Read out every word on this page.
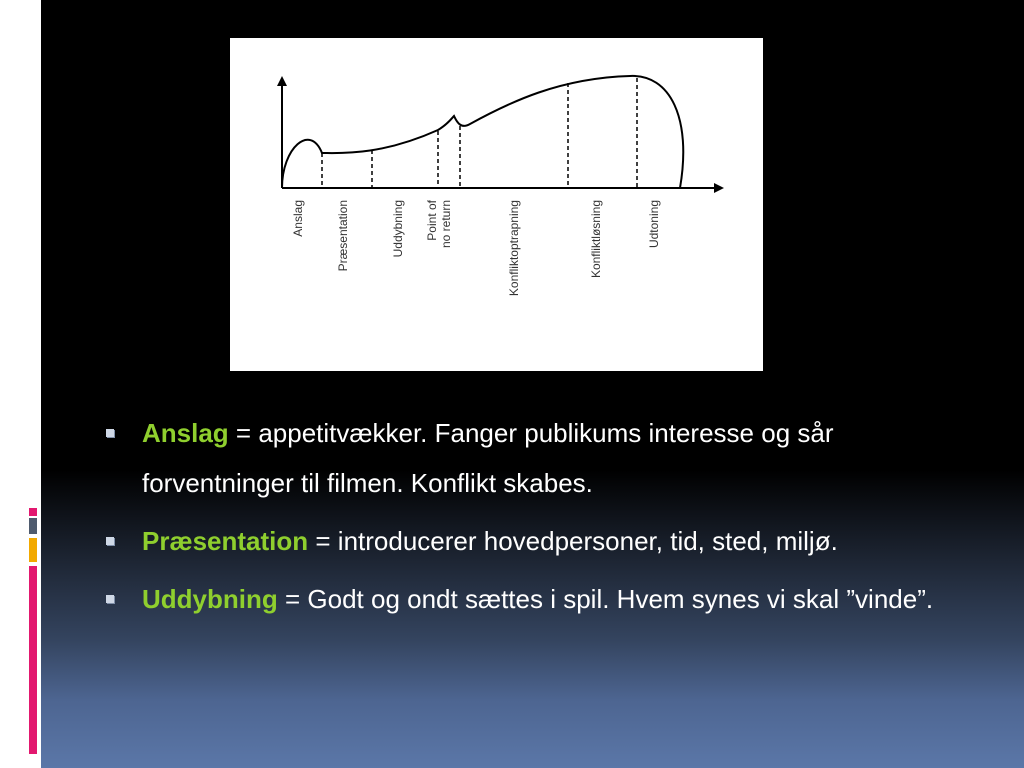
Anslag	Præsentation	Uddybning Point of no return	Konfliktoptrapning	Konfliktløsning	Udtoning
Anslag = appetitvækker. Fanger publikums interesse og sår forventninger til filmen. Konflikt skabes.
Præsentation = introducerer hovedpersoner, tid, sted, miljø.
Uddybning = Godt og ondt sættes i spil. Hvem synes vi skal ”vinde”.
